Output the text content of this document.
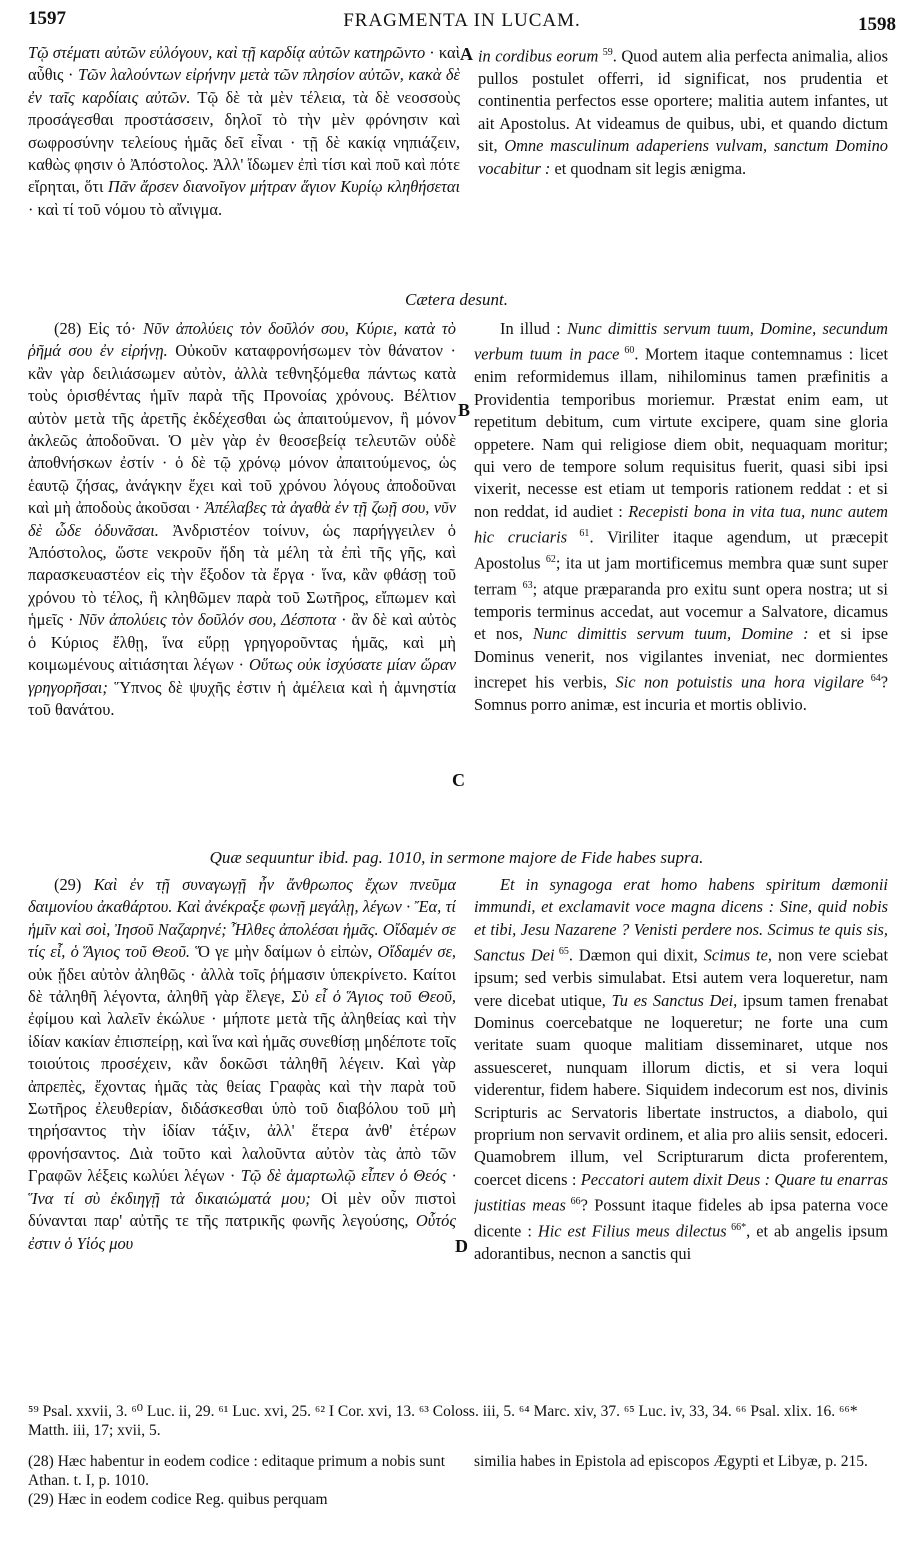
1597	FRAGMENTA IN LUCAM.	1598

Τῷ στέματι αὐτῶν εὐλόγουν, καὶ τῇ καρδίᾳ αὐτῶν κατηρῶντο · καὶ αὖθις · Τῶν λαλούντων εἰρήνην μετὰ τῶν πλησίον αὐτῶν, κακὰ δὲ ἐν ταῖς καρδίαις αὐτῶν. Τῷ δὲ τὰ μὲν τέλεια, τὰ δὲ νεοσσοὺς προσάγεσθαι προστάσσειν, δηλοῖ τὸ τὴν μὲν φρόνησιν καὶ σωφροσύνην τελείους ἡμᾶς δεῖ εἶναι · τῇ δὲ κακίᾳ νηπιάζειν, καθὼς φησιν ὁ Ἀπόστολος. Ἀλλ' ἴδωμεν ἐπὶ τίσι καὶ ποῦ καὶ πότε εἴρηται, ὅτι Πᾶν ἄρσεν διανοῖγον μήτραν ἅγιον Κυρίῳ κληθήσεται · καὶ τί τοῦ νόμου τὸ αἴνιγμα.

A in cordibus eorum $^{59}$. Quod autem alia perfecta animalia, alios pullos postulet offerri, id significat, nos prudentia et continentia perfectos esse oportere; malitia autem infantes, ut ait Apostolus. At videamus de quibus, ubi, et quando dictum sit, Omne masculinum adaperiens vulvam, sanctum Domino vocabitur : et quodnam sit legis ænigma.

Cætera desunt.

(28) Εἰς τό· Νῦν ἀπολύεις τὸν δοῦλόν σου, Κύριε, κατὰ τὸ ῥῆμά σου ἐν εἰρήνῃ. Οὐκοῦν καταφρονήσωμεν τὸν θάνατον · κἂν γὰρ δειλιάσωμεν αὐτὸν, ἀλλὰ τεθνηξόμεθα πάντως κατὰ τοὺς ὁρισθέντας ἡμῖν παρὰ τῆς Προνοίας χρόνους. Βέλτιον αὐτὸν μετὰ τῆς ἀρετῆς ἐκδέχεσθαι ὡς ἀπαιτούμενον, ἢ μόνον ἀκλεῶς ἀποδοῦναι. Ὁ μὲν γὰρ ἐν θεοσεβείᾳ τελευτῶν οὐδὲ ἀποθνήσκων ἐστίν · ὁ δὲ τῷ χρόνῳ μόνον ἀπαιτούμενος, ὡς ἑαυτῷ ζήσας, ἀνάγκην ἔχει καὶ τοῦ χρόνου λόγους ἀποδοῦναι καὶ μὴ ἀποδοὺς ἀκοῦσαι · Ἀπέλαβες τὰ ἀγαθὰ ἐν τῇ ζωῇ σου, νῦν δὲ ὧδε ὀδυνᾶσαι. Ἀνδριστέον τοίνυν, ὡς παρήγγειλεν ὁ Ἀπόστολος, ὥστε νεκροῦν ἤδη τὰ μέλη τὰ ἐπὶ τῆς γῆς, καὶ παρασκευαστέον εἰς τὴν ἔξοδον τὰ ἔργα · ἵνα, κἂν φθάσῃ τοῦ χρόνου τὸ τέλος, ἢ κληθῶμεν παρὰ τοῦ Σωτῆρος, εἴπωμεν καὶ ἡμεῖς · Νῦν ἀπολύεις τὸν δοῦλόν σου, Δέσποτα · ἂν δὲ καὶ αὐτὸς ὁ Κύριος ἔλθῃ, ἵνα εὕρῃ γρηγοροῦντας ἡμᾶς, καὶ μὴ κοιμωμένους αἰτιάσηται λέγων · Οὕτως οὐκ ἰσχύσατε μίαν ὥραν γρηγορῆσαι; Ὕπνος δὲ ψυχῆς ἐστιν ἡ ἀμέλεια καὶ ἡ ἀμνηστία τοῦ θανάτου.

B
C

In illud : Nunc dimittis servum tuum, Domine, secundum verbum tuum in pace $^{60}$. Mortem itaque contemnamus : licet enim reformidemus illam, nihilominus tamen præfinitis a Providentia temporibus moriemur. Præstat enim eam, ut repetitum debitum, cum virtute excipere, quam sine gloria oppetere. Nam qui religiose diem obit, nequaquam moritur; qui vero de tempore solum requisitus fuerit, quasi sibi ipsi vixerit, necesse est etiam ut temporis rationem reddat : et si non reddat, id audiet : Recepisti bona in vita tua, nunc autem hic cruciaris $^{61}$. Viriliter itaque agendum, ut præcepit Apostolus $^{62}$; ita ut jam mortificemus membra quæ sunt super terram $^{63}$; atque præparanda pro exitu sunt opera nostra; ut si temporis terminus accedat, aut vocemur a Salvatore, dicamus et nos, Nunc dimittis servum tuum, Domine : et si ipse Dominus venerit, nos vigilantes inveniat, nec dormientes increpet his verbis, Sic non potuistis una hora vigilare $^{64}$? Somnus porro animæ, est incuria et mortis oblivio.

Quæ sequuntur ibid. pag. 1010, in sermone majore de Fide habes supra.

(29) Καὶ ἐν τῇ συναγωγῇ ἦν ἄνθρωπος ἔχων πνεῦμα δαιμονίου ἀκαθάρτου. Καὶ ἀνέκραξε φωνῇ μεγάλῃ, λέγων · Ἔα, τί ἡμῖν καὶ σοὶ, Ἰησοῦ Ναζαρηνέ; Ἦλθες ἀπολέσαι ἡμᾶς. Οἴδαμέν σε τίς εἶ, ὁ Ἅγιος τοῦ Θεοῦ. Ὅ γε μὴν δαίμων ὁ εἰπὼν, Οἴδαμέν σε, οὐκ ᾔδει αὐτὸν ἀληθῶς · ἀλλὰ τοῖς ῥήμασιν ὑπεκρίνετο. Καίτοι δὲ τἀληθῆ λέγοντα, ἀληθῆ γὰρ ἔλεγε, Σὺ εἶ ὁ Ἅγιος τοῦ Θεοῦ, ἐφίμου καὶ λαλεῖν ἐκώλυε · μήποτε μετὰ τῆς ἀληθείας καὶ τὴν ἰδίαν κακίαν ἐπισπείρῃ, καὶ ἵνα καὶ ἡμᾶς συνεθίσῃ μηδέποτε τοῖς τοιούτοις προσέχειν, κἂν δοκῶσι τἀληθῆ λέγειν. Καὶ γὰρ ἀπρεπὲς, ἔχοντας ἡμᾶς τὰς θείας Γραφὰς καὶ τὴν παρὰ τοῦ Σωτῆρος ἐλευθερίαν, διδάσκεσθαι ὑπὸ τοῦ διαβόλου τοῦ μὴ τηρήσαντος τὴν ἰδίαν τάξιν, ἀλλ' ἕτερα ἀνθ' ἑτέρων φρονήσαντος. Διὰ τοῦτο καὶ λαλοῦντα αὐτὸν τὰς ἀπὸ τῶν Γραφῶν λέξεις κωλύει λέγων · Τῷ δὲ ἁμαρτωλῷ εἶπεν ὁ Θεός · Ἵνα τί σὺ ἐκδιηγῇ τὰ δικαιώματά μου; Οἱ μὲν οὖν πιστοὶ δύνανται παρ' αὐτῆς τε τῆς πατρικῆς φωνῆς λεγούσης, Οὗτός ἐστιν ὁ Υἱός μου	D

Et in synagoga erat homo habens spiritum dæmonii immundi, et exclamavit voce magna dicens : Sine, quid nobis et tibi, Jesu Nazarene ? Venisti perdere nos. Scimus te quis sis, Sanctus Dei $^{65}$. Dæmon qui dixit, Scimus te, non vere sciebat ipsum; sed verbis simulabat. Etsi autem vera loqueretur, nam vere dicebat utique, Tu es Sanctus Dei, ipsum tamen frenabat Dominus coercebatque ne loqueretur; ne forte una cum veritate suam quoque malitiam disseminaret, utque nos assuesceret, nunquam illorum dictis, et si vera loqui viderentur, fidem habere. Siquidem indecorum est nos, divinis Scripturis ac Servatoris libertate instructos, a diabolo, qui proprium non servavit ordinem, et alia pro aliis sensit, edoceri. Quamobrem illum, vel Scripturarum dicta proferentem, coercet dicens : Peccatori autem dixit Deus : Quare tu enarras justitias meas $^{66}$? Possunt itaque fideles ab ipsa paterna voce dicente : Hic est Filius meus dilectus $^{66*}$, et ab angelis ipsum adorantibus, necnon a sanctis qui

⁵⁹ Psal. xxvii, 3. ⁶⁰ Luc. ii, 29. ⁶¹ Luc. xvi, 25. ⁶² I Cor. xvi, 13. ⁶³ Coloss. iii, 5. ⁶⁴ Marc. xiv, 37. ⁶⁵ Luc. iv, 33, 34. ⁶⁶ Psal. xlix. 16. ⁶⁶* Matth. iii, 17; xvii, 5.

(28) Hæc habentur in eodem codice : editaque primum a nobis sunt Athan. t. I, p. 1010.

(29) Hæc in eodem codice Reg. quibus perquam

similia habes in Epistola ad episcopos Ægypti et Libyæ, p. 215.
